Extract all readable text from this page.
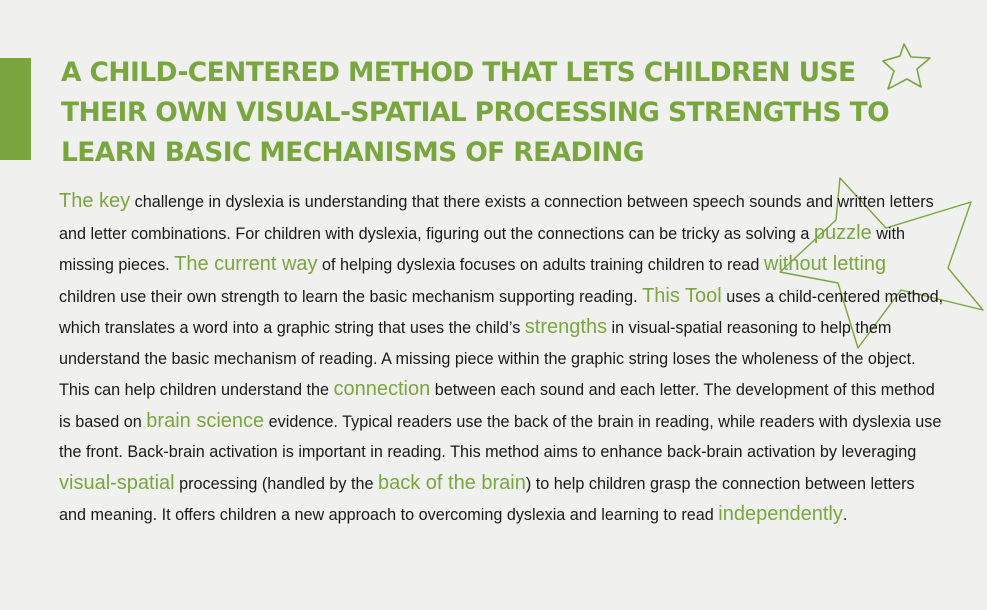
A CHILD-CENTERED METHOD THAT LETS CHILDREN USE THEIR OWN VISUAL-SPATIAL PROCESSING STRENGTHS TO LEARN BASIC MECHANISMS OF READING

The key challenge in dyslexia is understanding that there exists a connection between speech sounds and written letters and letter combinations. For children with dyslexia, figuring out the connections can be tricky as solving a puzzle with missing pieces. The current way of helping dyslexia focuses on adults training children to read without letting children use their own strength to learn the basic mechanism supporting reading. This Tool uses a child-centered method, which translates a word into a graphic string that uses the child’s strengths in visual-spatial reasoning to help them understand the basic mechanism of reading. A missing piece within the graphic string loses the wholeness of the object. This can help children understand the connection between each sound and each letter. The development of this method is based on brain science evidence. Typical readers use the back of the brain in reading, while readers with dyslexia use the front. Back-brain activation is important in reading. This method aims to enhance back-brain activation by leveraging visual-spatial processing (handled by the back of the brain) to help children grasp the connection between letters and meaning. It offers children a new approach to overcoming dyslexia and learning to read independently.
